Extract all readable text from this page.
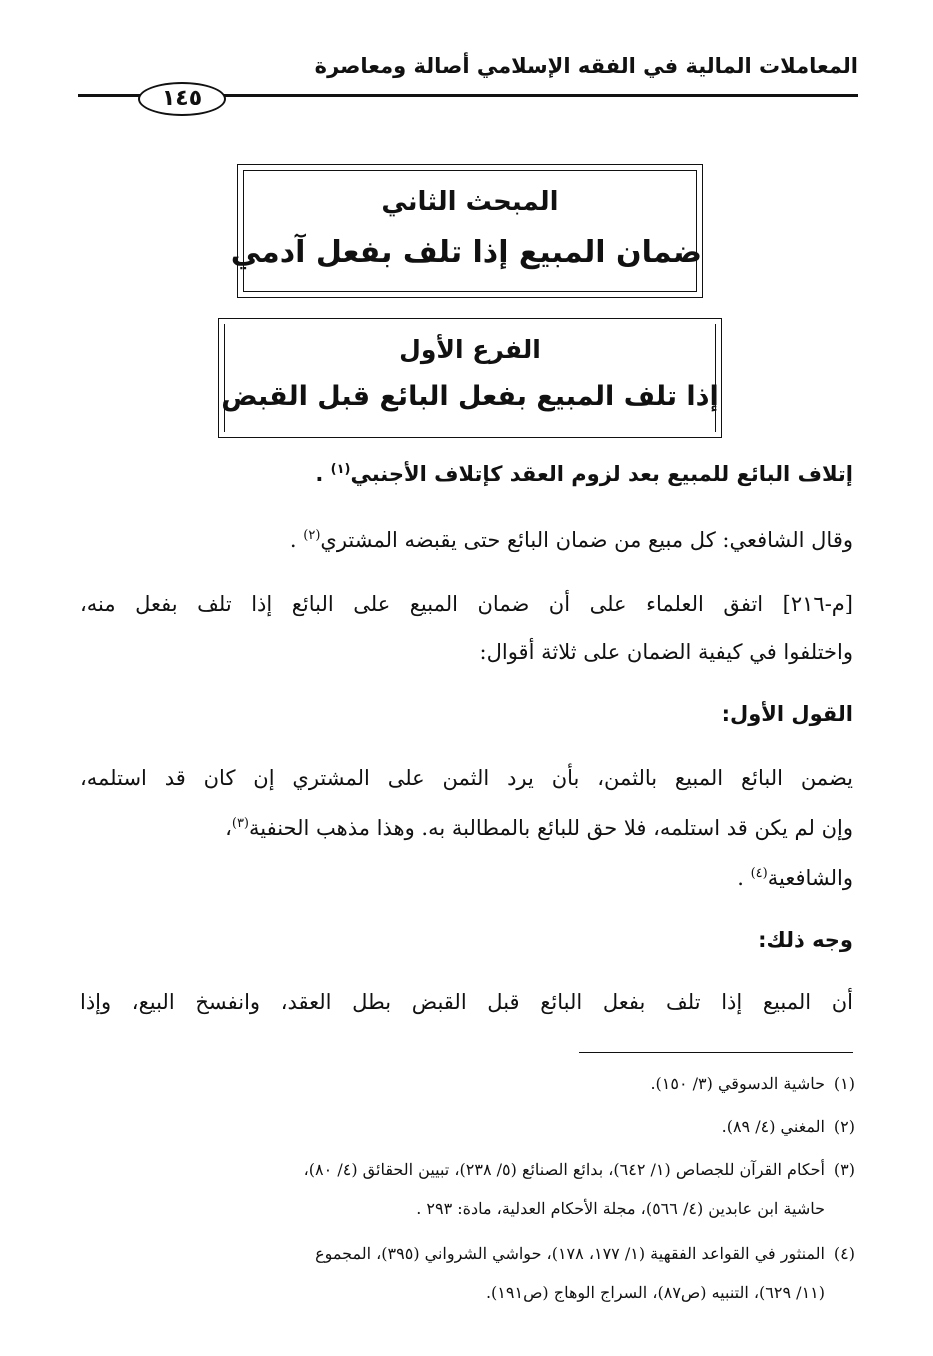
المعاملات المالية في الفقه الإسلامي أصالة ومعاصرة
١٤٥
المبحث الثاني
ضمان المبيع إذا تلف بفعل آدمي
الفرع الأول
إذا تلف المبيع بفعل البائع قبل القبض
إتلاف البائع للمبيع بعد لزوم العقد كإتلاف الأجنبي$^{(١)}$ .
وقال الشافعي: كل مبيع من ضمان البائع حتى يقبضه المشتري$^{(٢)}$ .
[م-٢١٦] اتفق العلماء على أن ضمان المبيع على البائع إذا تلف بفعل منه،
واختلفوا في كيفية الضمان على ثلاثة أقوال:
القول الأول:
يضمن البائع المبيع بالثمن، بأن يرد الثمن على المشتري إن كان قد استلمه،
وإن لم يكن قد استلمه، فلا حق للبائع بالمطالبة به. وهذا مذهب الحنفية$^{(٣)}$،
والشافعية$^{(٤)}$ .
وجه ذلك:
أن المبيع إذا تلف بفعل البائع قبل القبض بطل العقد، وانفسخ البيع، وإذا
(١)حاشية الدسوقي (٣/ ١٥٠).
(٢)المغني (٤/ ٨٩).
(٣)أحكام القرآن للجصاص (١/ ٦٤٢)، بدائع الصنائع (٥/ ٢٣٨)، تبيين الحقائق (٤/ ٨٠)،
حاشية ابن عابدين (٤/ ٥٦٦)، مجلة الأحكام العدلية، مادة: ٢٩٣ .
(٤)المنثور في القواعد الفقهية (١/ ١٧٧، ١٧٨)، حواشي الشرواني (٣٩٥)، المجموع
(١١/ ٦٢٩)، التنبيه (ص٨٧)، السراج الوهاج (ص١٩١).
